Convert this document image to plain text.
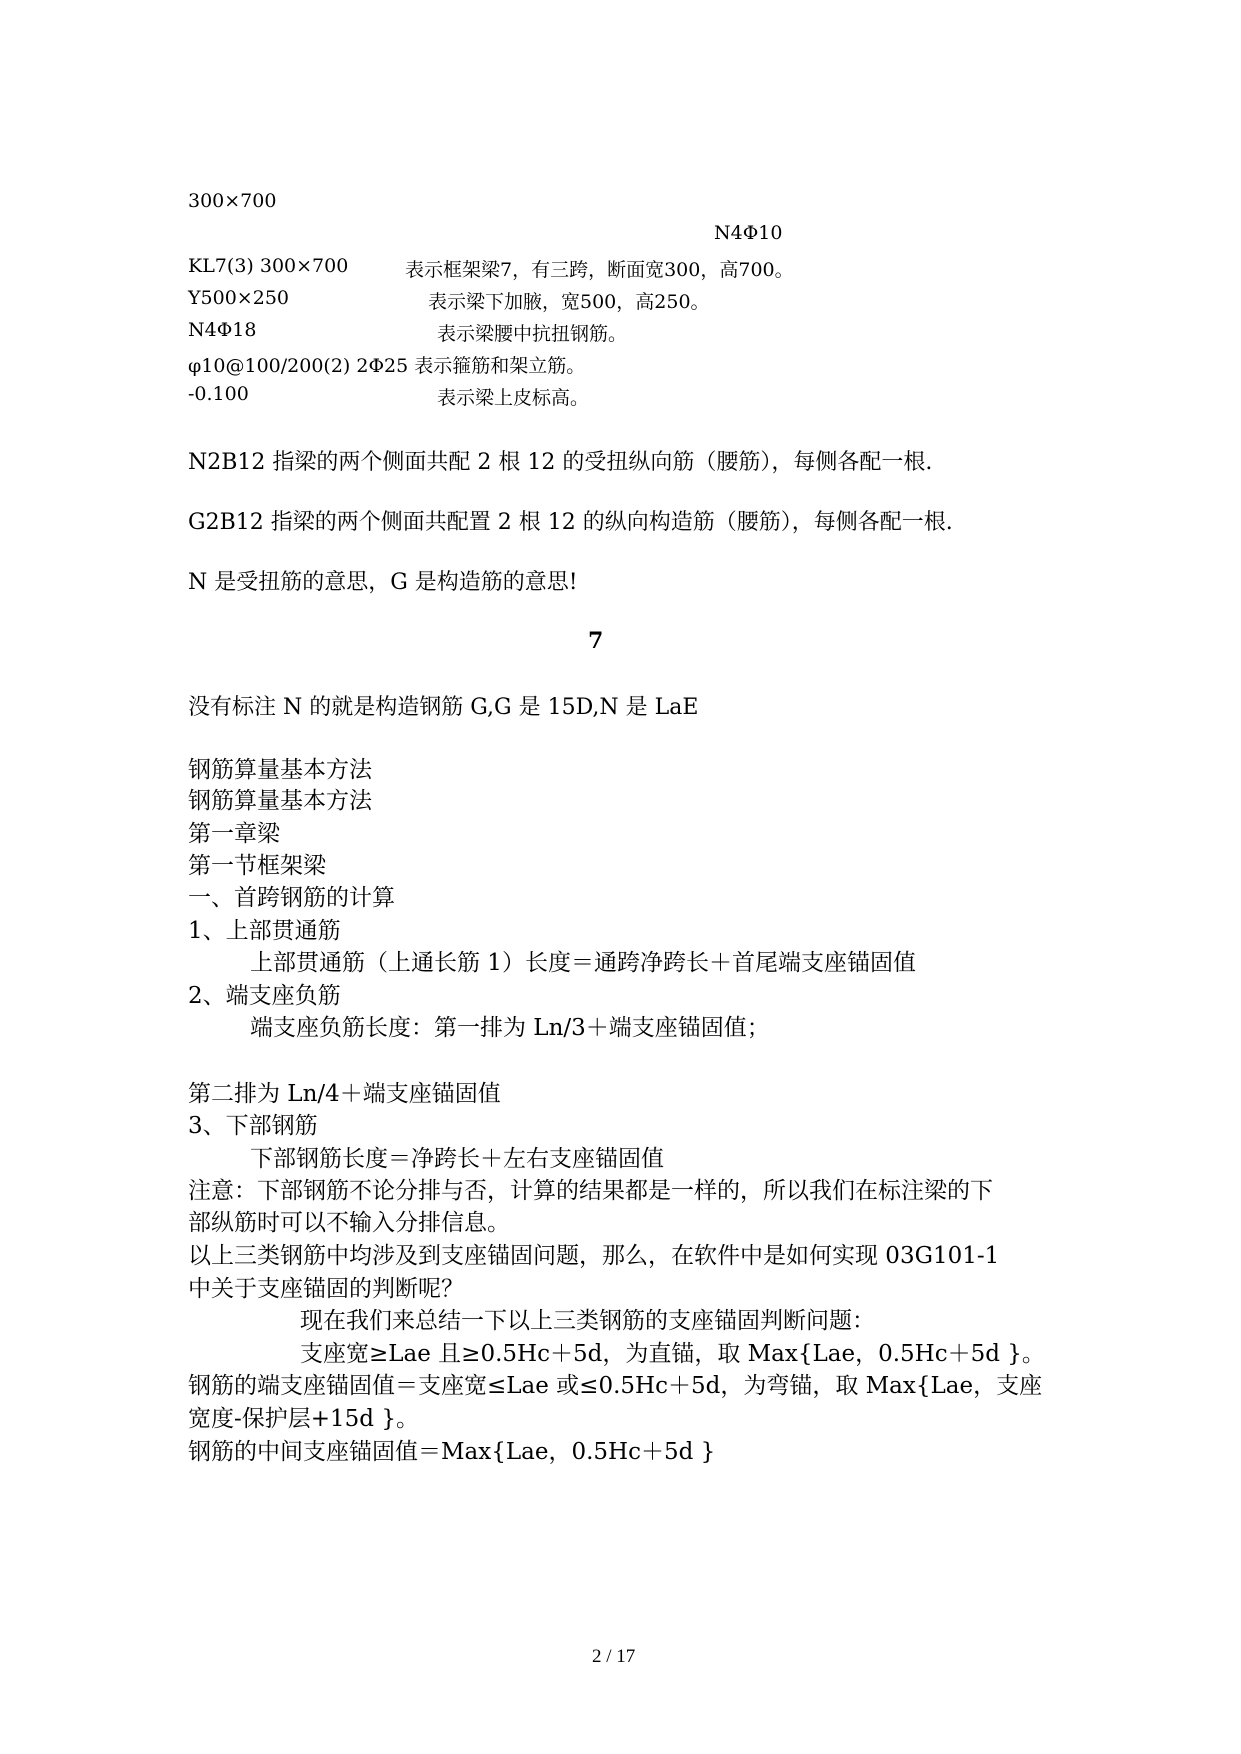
300×700
N4Φ10
KL7(3) 300×700	表示框架梁7，有三跨，断面宽300，高700。
Y500×250	表示梁下加腋，宽500，高250。
N4Φ18	表示梁腰中抗扭钢筋。
φ10@100/200(2) 2Φ25 表示箍筋和架立筋。
-0.100	表示梁上皮标高。
N2B12 指梁的两个侧面共配 2 根 12 的受扭纵向筋（腰筋），每侧各配一根.
G2B12 指梁的两个侧面共配置 2 根 12 的纵向构造筋（腰筋），每侧各配一根.
N 是受扭筋的意思，G 是构造筋的意思!
7
没有标注 N 的就是构造钢筋 G,G 是 15D,N 是 LaE
钢筋算量基本方法
钢筋算量基本方法
第一章梁
第一节框架梁
一、首跨钢筋的计算
1、上部贯通筋
上部贯通筋（上通长筋 1）长度＝通跨净跨长＋首尾端支座锚固值
2、端支座负筋
端支座负筋长度：第一排为 Ln/3＋端支座锚固值；
第二排为 Ln/4＋端支座锚固值
3、下部钢筋
下部钢筋长度＝净跨长＋左右支座锚固值
注意：下部钢筋不论分排与否，计算的结果都是一样的，所以我们在标注梁的下
部纵筋时可以不输入分排信息。
以上三类钢筋中均涉及到支座锚固问题，那么，在软件中是如何实现 03G101-1
中关于支座锚固的判断呢？
现在我们来总结一下以上三类钢筋的支座锚固判断问题：
支座宽≥Lae 且≥0.5Hc＋5d，为直锚，取 Max{Lae，0.5Hc＋5d }。
钢筋的端支座锚固值＝支座宽≤Lae 或≤0.5Hc＋5d，为弯锚，取 Max{Lae，支座
宽度-保护层+15d }。
钢筋的中间支座锚固值＝Max{Lae，0.5Hc＋5d }
2 / 17
